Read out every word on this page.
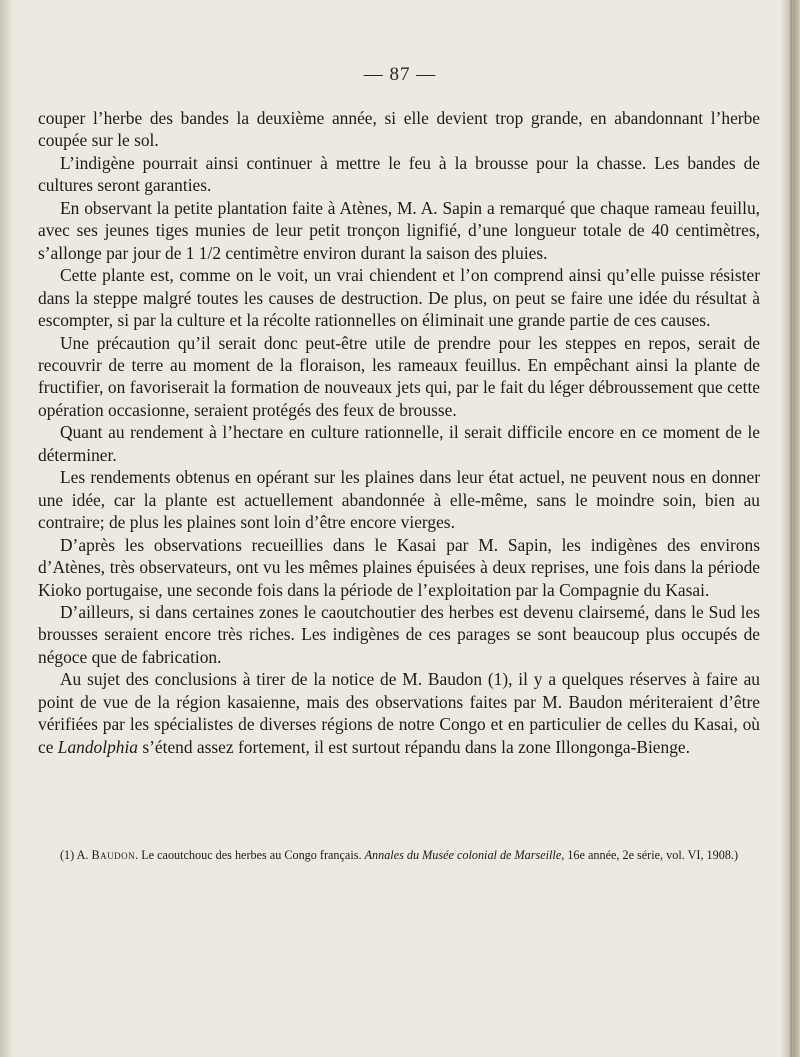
— 87 —

couper l’herbe des bandes la deuxième année, si elle devient trop grande, en abandonnant l’herbe coupée sur le sol.

L’indigène pourrait ainsi continuer à mettre le feu à la brousse pour la chasse. Les bandes de cultures seront garanties.

En observant la petite plantation faite à Atènes, M. A. Sapin a remarqué que chaque rameau feuillu, avec ses jeunes tiges munies de leur petit tronçon lignifié, d’une longueur totale de 40 centimètres, s’allonge par jour de 1 1/2 centimètre environ durant la saison des pluies.

Cette plante est, comme on le voit, un vrai chiendent et l’on comprend ainsi qu’elle puisse résister dans la steppe malgré toutes les causes de destruction. De plus, on peut se faire une idée du résultat à escompter, si par la culture et la récolte rationnelles on éliminait une grande partie de ces causes.

Une précaution qu’il serait donc peut-être utile de prendre pour les steppes en repos, serait de recouvrir de terre au moment de la floraison, les rameaux feuillus. En empêchant ainsi la plante de fructifier, on favoriserait la formation de nouveaux jets qui, par le fait du léger débroussement que cette opération occasionne, seraient protégés des feux de brousse.

Quant au rendement à l’hectare en culture rationnelle, il serait difficile encore en ce moment de le déterminer.

Les rendements obtenus en opérant sur les plaines dans leur état actuel, ne peuvent nous en donner une idée, car la plante est actuellement abandonnée à elle-même, sans le moindre soin, bien au contraire; de plus les plaines sont loin d’être encore vierges.

D’après les observations recueillies dans le Kasai par M. Sapin, les indigènes des environs d’Atènes, très observateurs, ont vu les mêmes plaines épuisées à deux reprises, une fois dans la période Kioko portugaise, une seconde fois dans la période de l’exploitation par la Compagnie du Kasai.

D’ailleurs, si dans certaines zones le caoutchoutier des herbes est devenu clairsemé, dans le Sud les brousses seraient encore très riches. Les indigènes de ces parages se sont beaucoup plus occupés de négoce que de fabrication.

Au sujet des conclusions à tirer de la notice de M. Baudon (1), il y a quelques réserves à faire au point de vue de la région kasaienne, mais des observations faites par M. Baudon mériteraient d’être vérifiées par les spécialistes de diverses régions de notre Congo et en particulier de celles du Kasai, où ce Landolphia s’étend assez fortement, il est surtout répandu dans la zone Illongonga-Bienge.

(1) A. Baudon. Le caoutchouc des herbes au Congo français. Annales du Musée colonial de Marseille, 16e année, 2e série, vol. VI, 1908.)
